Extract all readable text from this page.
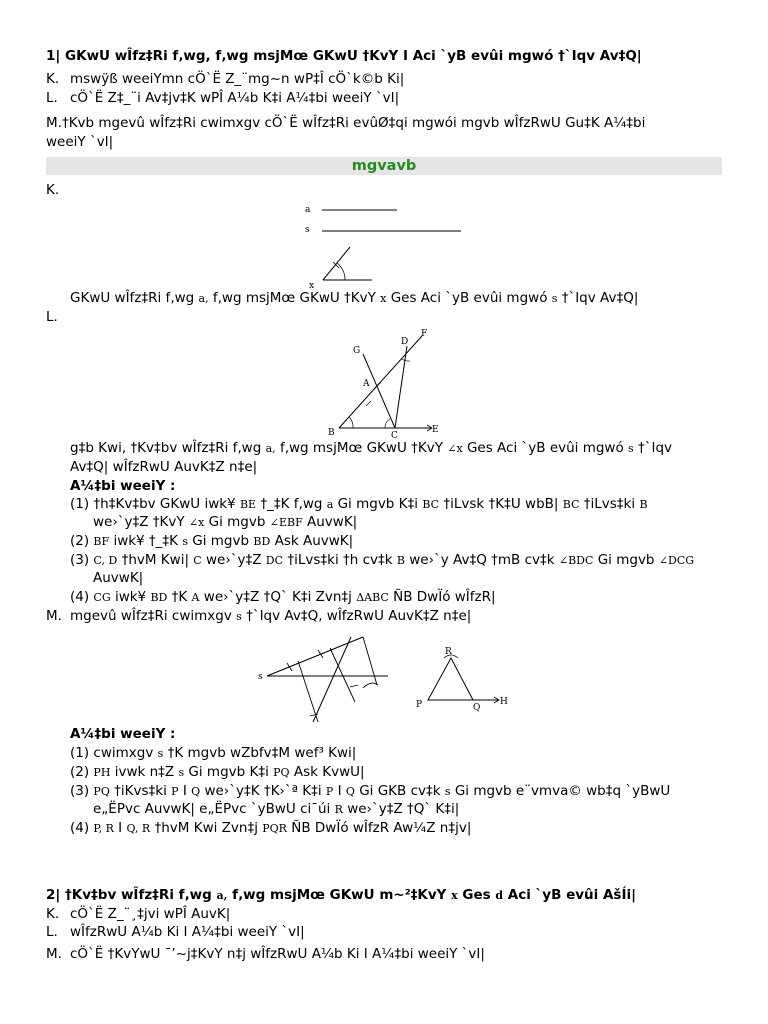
1| GKwU wÎfz‡Ri f‚wg, f‚wg msjMœ GKwU †KvY I Aci `yB evûi mgwó †`Iqv Av‡Q|
K. mswÿß weeiYmn cÖ`Ë Z_¨mg~n wP‡Î cÖ`k©b Ki|
L. cÖ`Ë Z‡_¨i Av‡jv‡K wPÎ A¼b K‡i A¼‡bi weeiY `vI|
M.†Kvb mgevû wÎfz‡Ri cwimxgv cÖ`Ë wÎfz‡Ri evûØ‡qi mgwói mgvb wÎfzRwU Gu‡K A¼‡bi
weeiY `vI|
mgvavb
K.
a
s
x
GKwU wÎfz‡Ri f‚wg a, f‚wg msjMœ GKwU †KvY x Ges Aci `yB evûi mgwó s †`Iqv Av‡Q|
L.
F
G
D
A
B	C
E
g‡b Kwi, †Kv‡bv wÎfz‡Ri f‚wg a, f‚wg msjMœ GKwU †KvY ∠x Ges Aci `yB evûi mgwó s †`Iqv
Av‡Q| wÎfzRwU AuvK‡Z n‡e|
A¼‡bi weeiY :
(1) †h‡Kv‡bv GKwU iwk¥ BE †_‡K f‚wg a Gi mgvb K‡i BC †iLvsk †K‡U wbB| BC †iLvs‡ki B
we›`y‡Z †KvY ∠x Gi mgvb ∠EBF AuvwK|
(2) BF iwk¥ †_‡K s Gi mgvb BD Ask AuvwK|
(3) C, D †hvM Kwi| C we›`y‡Z DC †iLvs‡ki †h cv‡k B we›`y Av‡Q †mB cv‡k ∠BDC Gi mgvb ∠DCG
AuvwK|
(4) CG iwk¥ BD †K A we›`y‡Z †Q` K‡i Zvn‡j ΔABC ÑB DwÏó wÎfzR|
M. mgevû wÎfz‡Ri cwimxgv s †`Iqv Av‡Q, wÎfzRwU AuvK‡Z n‡e|
s
R
P	Q
H
A¼‡bi weeiY :
(1) cwimxgv s †K mgvb wZbfv‡M wef³ Kwi|
(2) PH ivwk n‡Z s Gi mgvb K‡i PQ Ask KvwU|
(3) PQ †iKvs‡ki P I Q we›`y‡K †K›`ª K‡i P I Q Gi GKB cv‡k s Gi mgvb e¨vmva© wb‡q `yBwU
e„ËPvc AuvwK| e„ËPvc `yBwU ci¯úi R we›`y‡Z †Q` K‡i|
(4) P, R I Q, R †hvM Kwi Zvn‡j PQR ÑB DwÏó wÎfzR Aw¼Z n‡jv|
2| †Kv‡bv wÎfz‡Ri f‚wg a, f‚wg msjMœ GKwU m~²‡KvY x Ges d Aci `yB evûi AšÍi|
K. cÖ`Ë Z_¨¸‡jvi wPÎ AuvK|
L. wÎfzRwU A¼b Ki I A¼‡bi weeiY `vI|
M. cÖ`Ë †KvYwU ¯’~j‡KvY n‡j wÎfzRwU A¼b Ki I A¼‡bi weeiY `vI|
